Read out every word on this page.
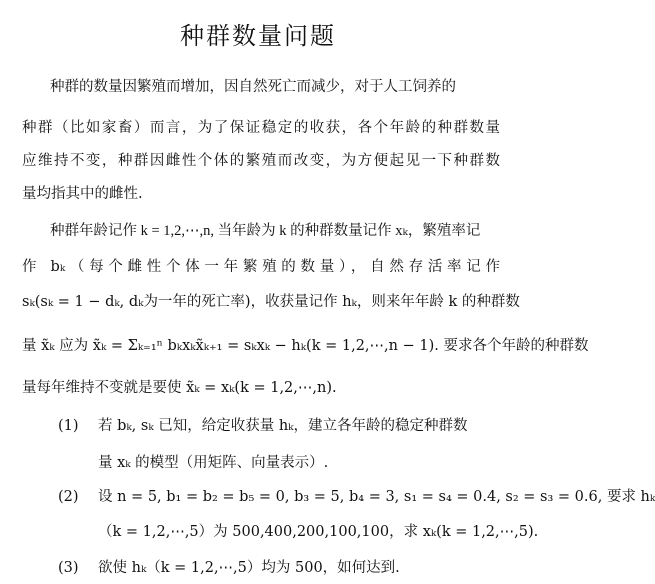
种群数量问题
种群的数量因繁殖而增加，因自然死亡而减少，对于人工饲养的
种群（比如家畜）而言，为了保证稳定的收获，各个年龄的种群数量
应维持不变，种群因雌性个体的繁殖而改变，为方便起见一下种群数
量均指其中的雌性.
种群年龄记作 k = 1,2,⋯,n, 当年龄为 k 的种群数量记作 xₖ，繁殖率记
作 bₖ（每个雌性个体一年繁殖的数量），自然存活率记作
sₖ(sₖ = 1 − dₖ, dₖ为一年的死亡率)，收获量记作 hₖ，则来年年龄 k 的种群数
量 x̃ₖ 应为 x̃ₖ = Σₖ₌₁ⁿ bₖxₖx̃ₖ₊₁ = sₖxₖ − hₖ(k = 1,2,⋯,n − 1). 要求各个年龄的种群数
量每年维持不变就是要使 x̃ₖ = xₖ(k = 1,2,⋯,n).
(1) 若 bₖ, sₖ 已知，给定收获量 hₖ，建立各年龄的稳定种群数
量 xₖ 的模型（用矩阵、向量表示）.
(2) 设 n = 5, b₁ = b₂ = b₅ = 0, b₃ = 5, b₄ = 3, s₁ = s₄ = 0.4, s₂ = s₃ = 0.6, 要求 hₖ
（k = 1,2,⋯,5）为 500,400,200,100,100，求 xₖ(k = 1,2,⋯,5).
(3) 欲使 hₖ（k = 1,2,⋯,5）均为 500，如何达到.
